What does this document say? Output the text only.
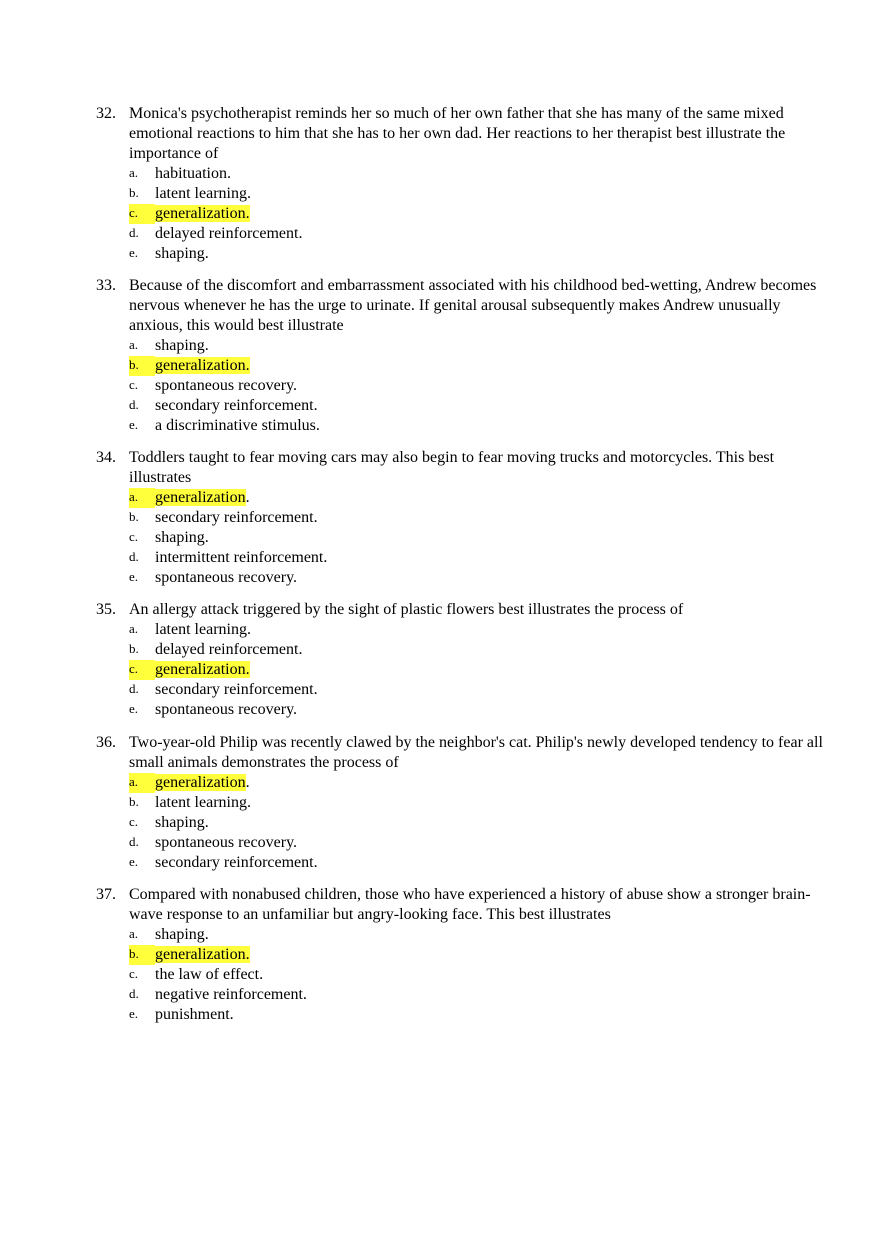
32. Monica's psychotherapist reminds her so much of her own father that she has many of the same mixed emotional reactions to him that she has to her own dad. Her reactions to her therapist best illustrate the importance of
a.	habituation.
b.	latent learning.
c.	generalization.
d.	delayed reinforcement.
e.	shaping.
33. Because of the discomfort and embarrassment associated with his childhood bed-wetting, Andrew becomes nervous whenever he has the urge to urinate. If genital arousal subsequently makes Andrew unusually anxious, this would best illustrate
a.	shaping.
b.	generalization.
c.	spontaneous recovery.
d.	secondary reinforcement.
e.	a discriminative stimulus.
34. Toddlers taught to fear moving cars may also begin to fear moving trucks and motorcycles. This best illustrates
a.	generalization.
b.	secondary reinforcement.
c.	shaping.
d.	intermittent reinforcement.
e.	spontaneous recovery.
35. An allergy attack triggered by the sight of plastic flowers best illustrates the process of
a.	latent learning.
b.	delayed reinforcement.
c.	generalization.
d.	secondary reinforcement.
e.	spontaneous recovery.
36. Two-year-old Philip was recently clawed by the neighbor's cat. Philip's newly developed tendency to fear all small animals demonstrates the process of
a.	generalization.
b.	latent learning.
c.	shaping.
d.	spontaneous recovery.
e.	secondary reinforcement.
37. Compared with nonabused children, those who have experienced a history of abuse show a stronger brain-wave response to an unfamiliar but angry-looking face. This best illustrates
a.	shaping.
b.	generalization.
c.	the law of effect.
d.	negative reinforcement.
e.	punishment.
